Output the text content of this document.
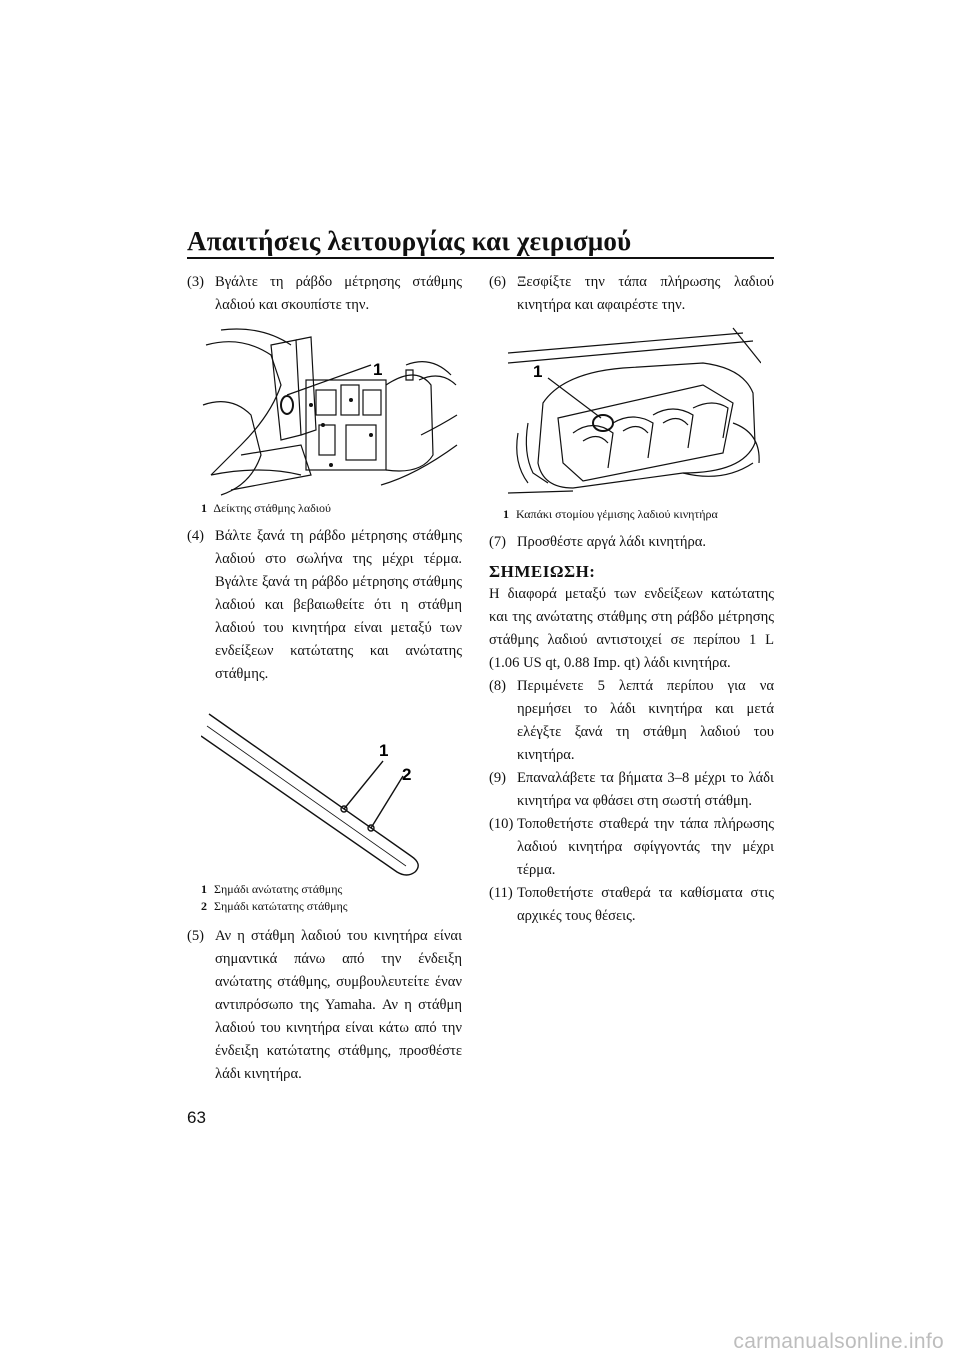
Απαιτήσεις λειτουργίας και χειρισμού
(3) Βγάλτε τη ράβδο μέτρησης στάθμης λαδιού και σκουπίστε την.
1
1 Δείκτης στάθμης λαδιού
(4) Βάλτε ξανά τη ράβδο μέτρησης στάθμης λαδιού στο σωλήνα της μέχρι τέρμα. Βγάλτε ξανά τη ράβδο μέτρησης στάθμης λαδιού και βεβαιωθείτε ότι η στάθμη λαδιού του κινητήρα είναι μεταξύ των ενδείξεων κατώτατης και ανώτατης στάθμης.
1
2
1 Σημάδι ανώτατης στάθμης
2 Σημάδι κατώτατης στάθμης
(5) Αν η στάθμη λαδιού του κινητήρα είναι σημαντικά πάνω από την ένδειξη ανώτατης στάθμης, συμβουλευτείτε έναν αντιπρόσωπο της Yamaha. Αν η στάθμη λαδιού του κινητήρα είναι κάτω από την ένδειξη κατώτατης στάθμης, προσθέστε λάδι κινητήρα.
(6) Ξεσφίξτε την τάπα πλήρωσης λαδιού κινητήρα και αφαιρέστε την.
1
1 Καπάκι στομίου γέμισης λαδιού κινητήρα
(7) Προσθέστε αργά λάδι κινητήρα.
ΣΗΜΕΙΩΣΗ:
Η διαφορά μεταξύ των ενδείξεων κατώτατης και της ανώτατης στάθμης στη ράβδο μέτρησης στάθμης λαδιού αντιστοιχεί σε περίπου 1 L (1.06 US qt, 0.88 Imp. qt) λάδι κινητήρα.
(8) Περιμένετε 5 λεπτά περίπου για να ηρεμήσει το λάδι κινητήρα και μετά ελέγξτε ξανά τη στάθμη λαδιού του κινητήρα.
(9) Επαναλάβετε τα βήματα 3–8 μέχρι το λάδι κινητήρα να φθάσει στη σωστή στάθμη.
(10) Τοποθετήστε σταθερά την τάπα πλήρωσης λαδιού κινητήρα σφίγγοντάς την μέχρι τέρμα.
(11) Τοποθετήστε σταθερά τα καθίσματα στις αρχικές τους θέσεις.
63
carmanualsonline.info
